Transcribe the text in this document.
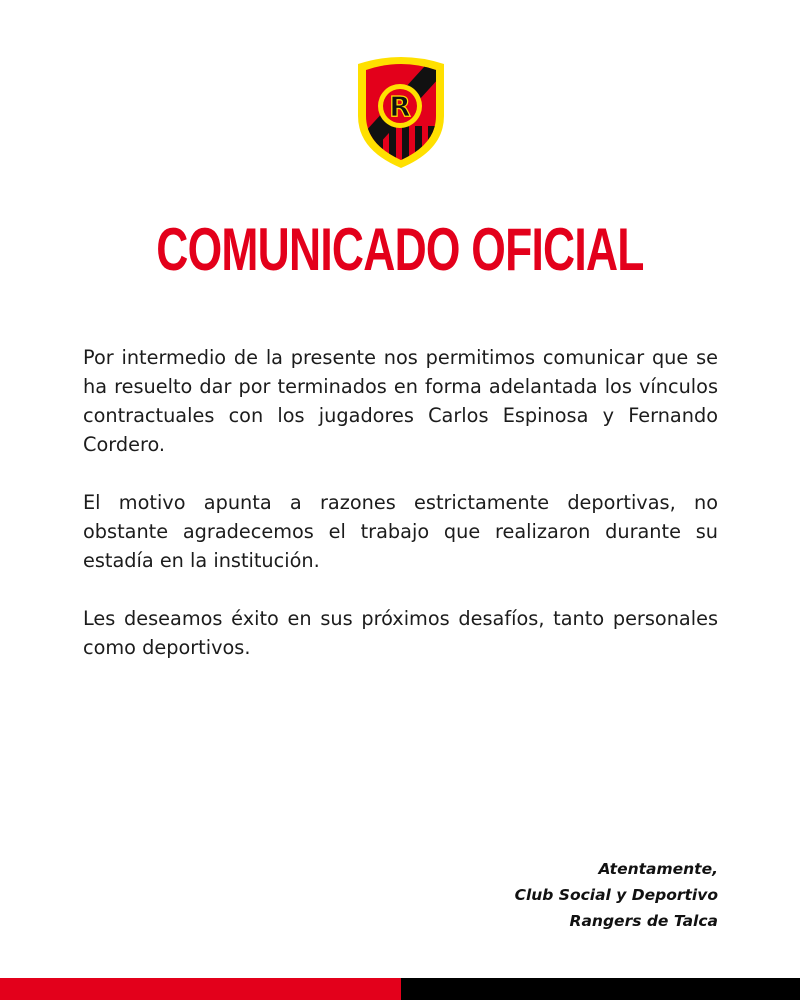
R
COMUNICADO OFICIAL

Por intermedio de la presente nos permitimos comunicar que se ha resuelto dar por terminados en forma adelantada los vínculos contractuales con los jugadores Carlos Espinosa y Fernando Cordero.

El motivo apunta a razones estrictamente deportivas, no obstante agradecemos el trabajo que realizaron durante su estadía en la institución.

Les deseamos éxito en sus próximos desafíos, tanto personales como deportivos.

Atentamente,
Club Social y Deportivo
Rangers de Talca
